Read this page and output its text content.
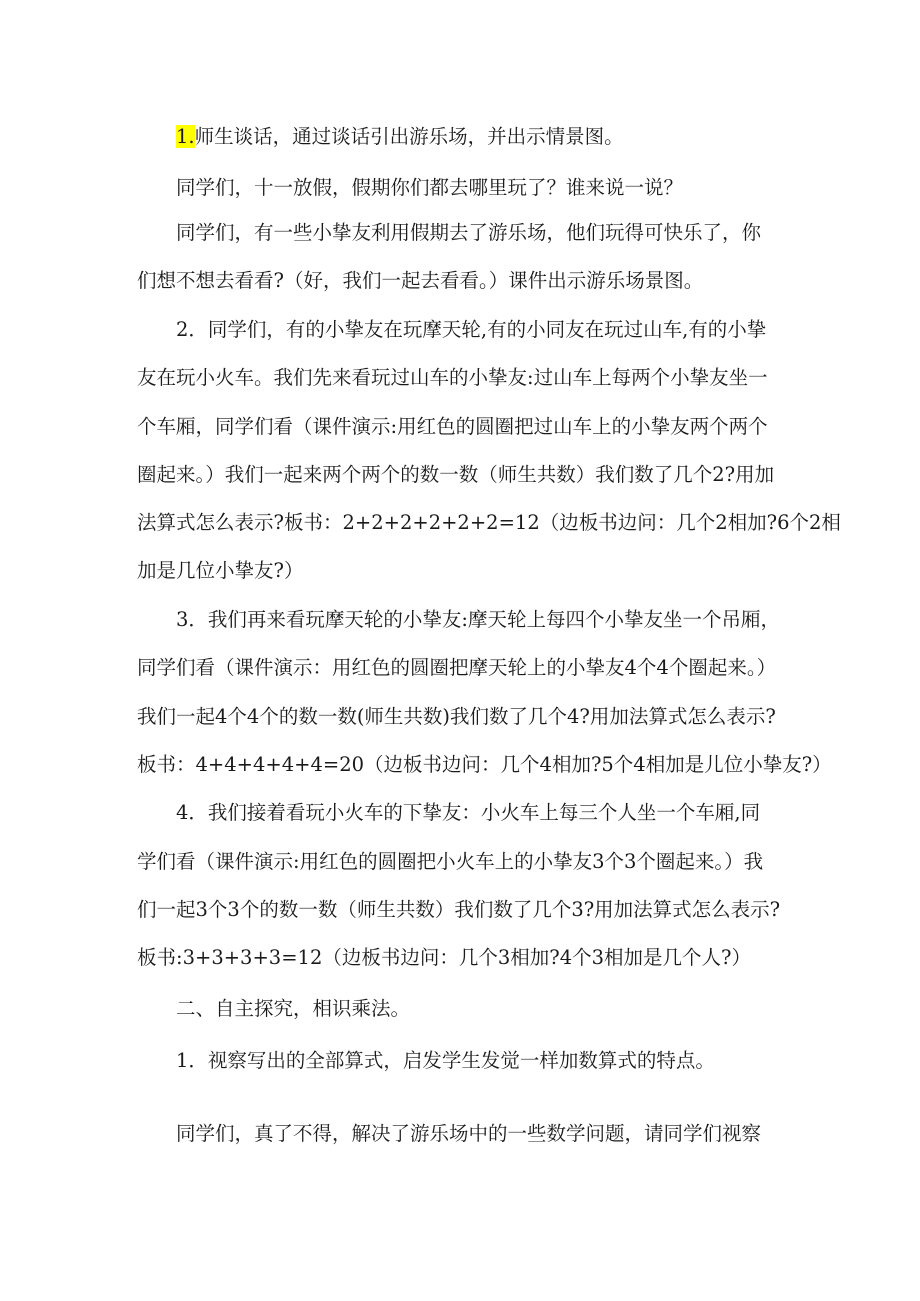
1.师生谈话，通过谈话引出游乐场，并出示情景图。
同学们，十一放假，假期你们都去哪里玩了？谁来说一说？
同学们，有一些小挚友利用假期去了游乐场，他们玩得可快乐了，你
们想不想去看看?（好，我们一起去看看。）课件出示游乐场景图。
2．同学们，有的小挚友在玩摩天轮,有的小同友在玩过山车,有的小挚
友在玩小火车。我们先来看玩过山车的小挚友:过山车上每两个小挚友坐一
个车厢，同学们看（课件演示:用红色的圆圈把过山车上的小挚友两个两个
圈起来。）我们一起来两个两个的数一数（师生共数）我们数了几个2?用加
法算式怎么表示?板书：2+2+2+2+2+2=12（边板书边问：几个2相加?6个2相
加是几位小挚友?）
3．我们再来看玩摩天轮的小挚友:摩天轮上每四个小挚友坐一个吊厢，
同学们看（课件演示：用红色的圆圈把摩天轮上的小挚友4个4个圈起来。）
我们一起4个4个的数一数(师生共数)我们数了几个4?用加法算式怎么表示?
板书：4+4+4+4+4=20（边板书边问：几个4相加?5个4相加是儿位小挚友?）
4．我们接着看玩小火车的下挚友：小火车上每三个人坐一个车厢,同
学们看（课件演示:用红色的圆圈把小火车上的小挚友3个3个圈起来。）我
们一起3个3个的数一数（师生共数）我们数了几个3?用加法算式怎么表示?
板书:3+3+3+3=12（边板书边问：几个3相加?4个3相加是几个人?）
二、自主探究，相识乘法。
1．视察写出的全部算式，启发学生发觉一样加数算式的特点。
同学们，真了不得，解决了游乐场中的一些数学问题，请同学们视察
